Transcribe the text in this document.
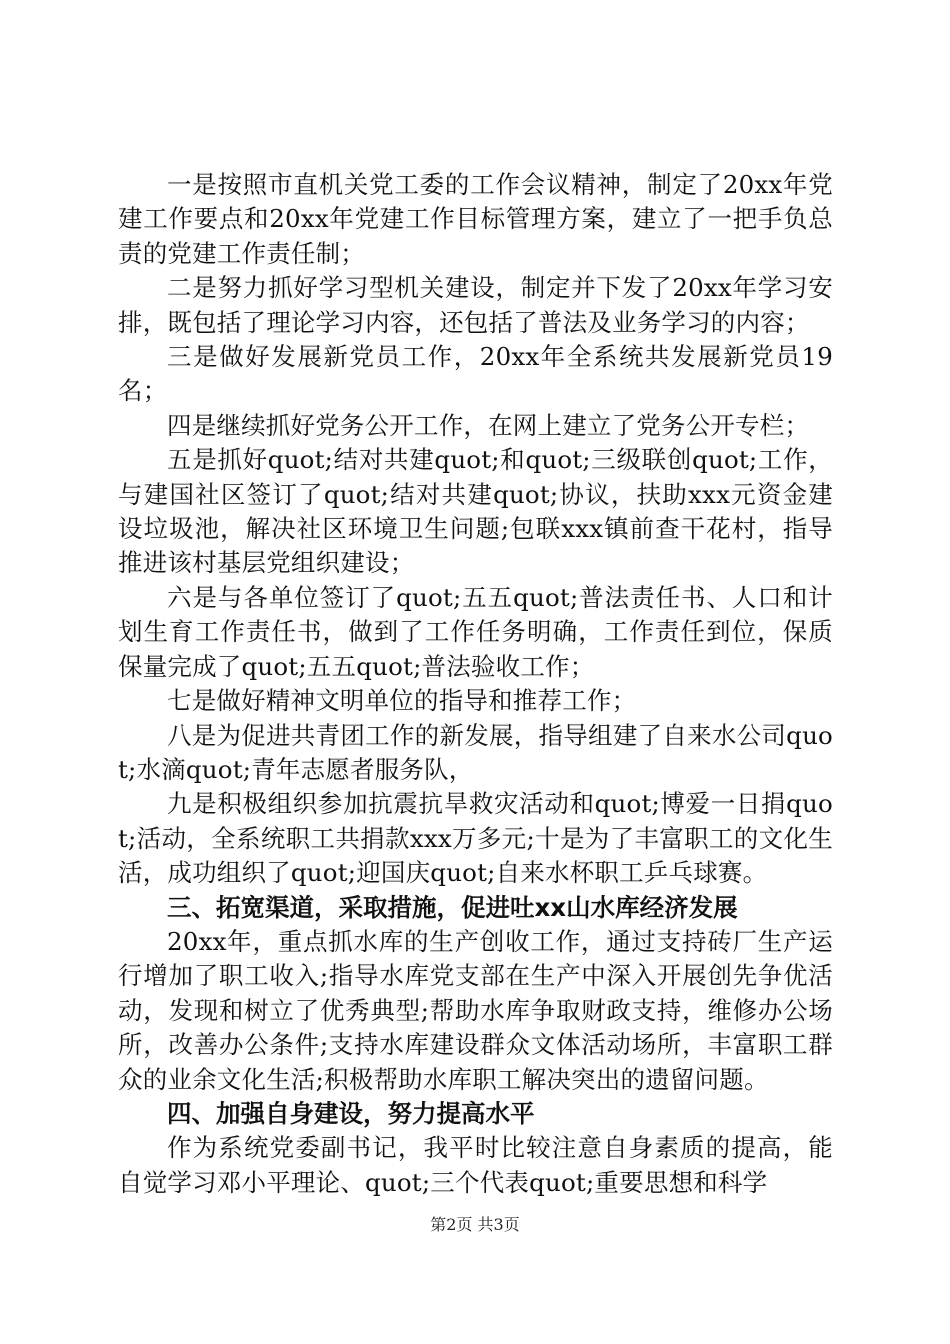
一是按照市直机关党工委的工作会议精神，制定了20xx年党建工作要点和20xx年党建工作目标管理方案，建立了一把手负总责的党建工作责任制；

二是努力抓好学习型机关建设，制定并下发了20xx年学习安排，既包括了理论学习内容，还包括了普法及业务学习的内容；

三是做好发展新党员工作，20xx年全系统共发展新党员19名；

四是继续抓好党务公开工作，在网上建立了党务公开专栏；

五是抓好quot;结对共建quot;和quot;三级联创quot;工作，与建国社区签订了quot;结对共建quot;协议，扶助xxx元资金建设垃圾池，解决社区环境卫生问题;包联xxx镇前查干花村，指导推进该村基层党组织建设；

六是与各单位签订了quot;五五quot;普法责任书、人口和计划生育工作责任书，做到了工作任务明确，工作责任到位，保质保量完成了quot;五五quot;普法验收工作；

七是做好精神文明单位的指导和推荐工作；

八是为促进共青团工作的新发展，指导组建了自来水公司quot;水滴quot;青年志愿者服务队，

九是积极组织参加抗震抗旱救灾活动和quot;博爱一日捐quot;活动，全系统职工共捐款xxx万多元;十是为了丰富职工的文化生活，成功组织了quot;迎国庆quot;自来水杯职工乒乓球赛。

三、拓宽渠道，采取措施，促进吐xx山水库经济发展

20xx年，重点抓水库的生产创收工作，通过支持砖厂生产运行增加了职工收入;指导水库党支部在生产中深入开展创先争优活动，发现和树立了优秀典型;帮助水库争取财政支持，维修办公场所，改善办公条件;支持水库建设群众文体活动场所，丰富职工群众的业余文化生活;积极帮助水库职工解决突出的遗留问题。

四、加强自身建设，努力提高水平

作为系统党委副书记，我平时比较注意自身素质的提高，能自觉学习邓小平理论、quot;三个代表quot;重要思想和科学

第2页 共3页
